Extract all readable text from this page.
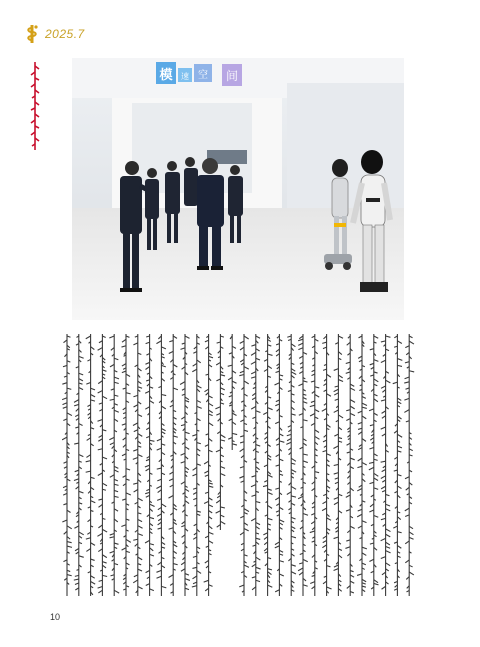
2025.7
模 速 空 间
10
